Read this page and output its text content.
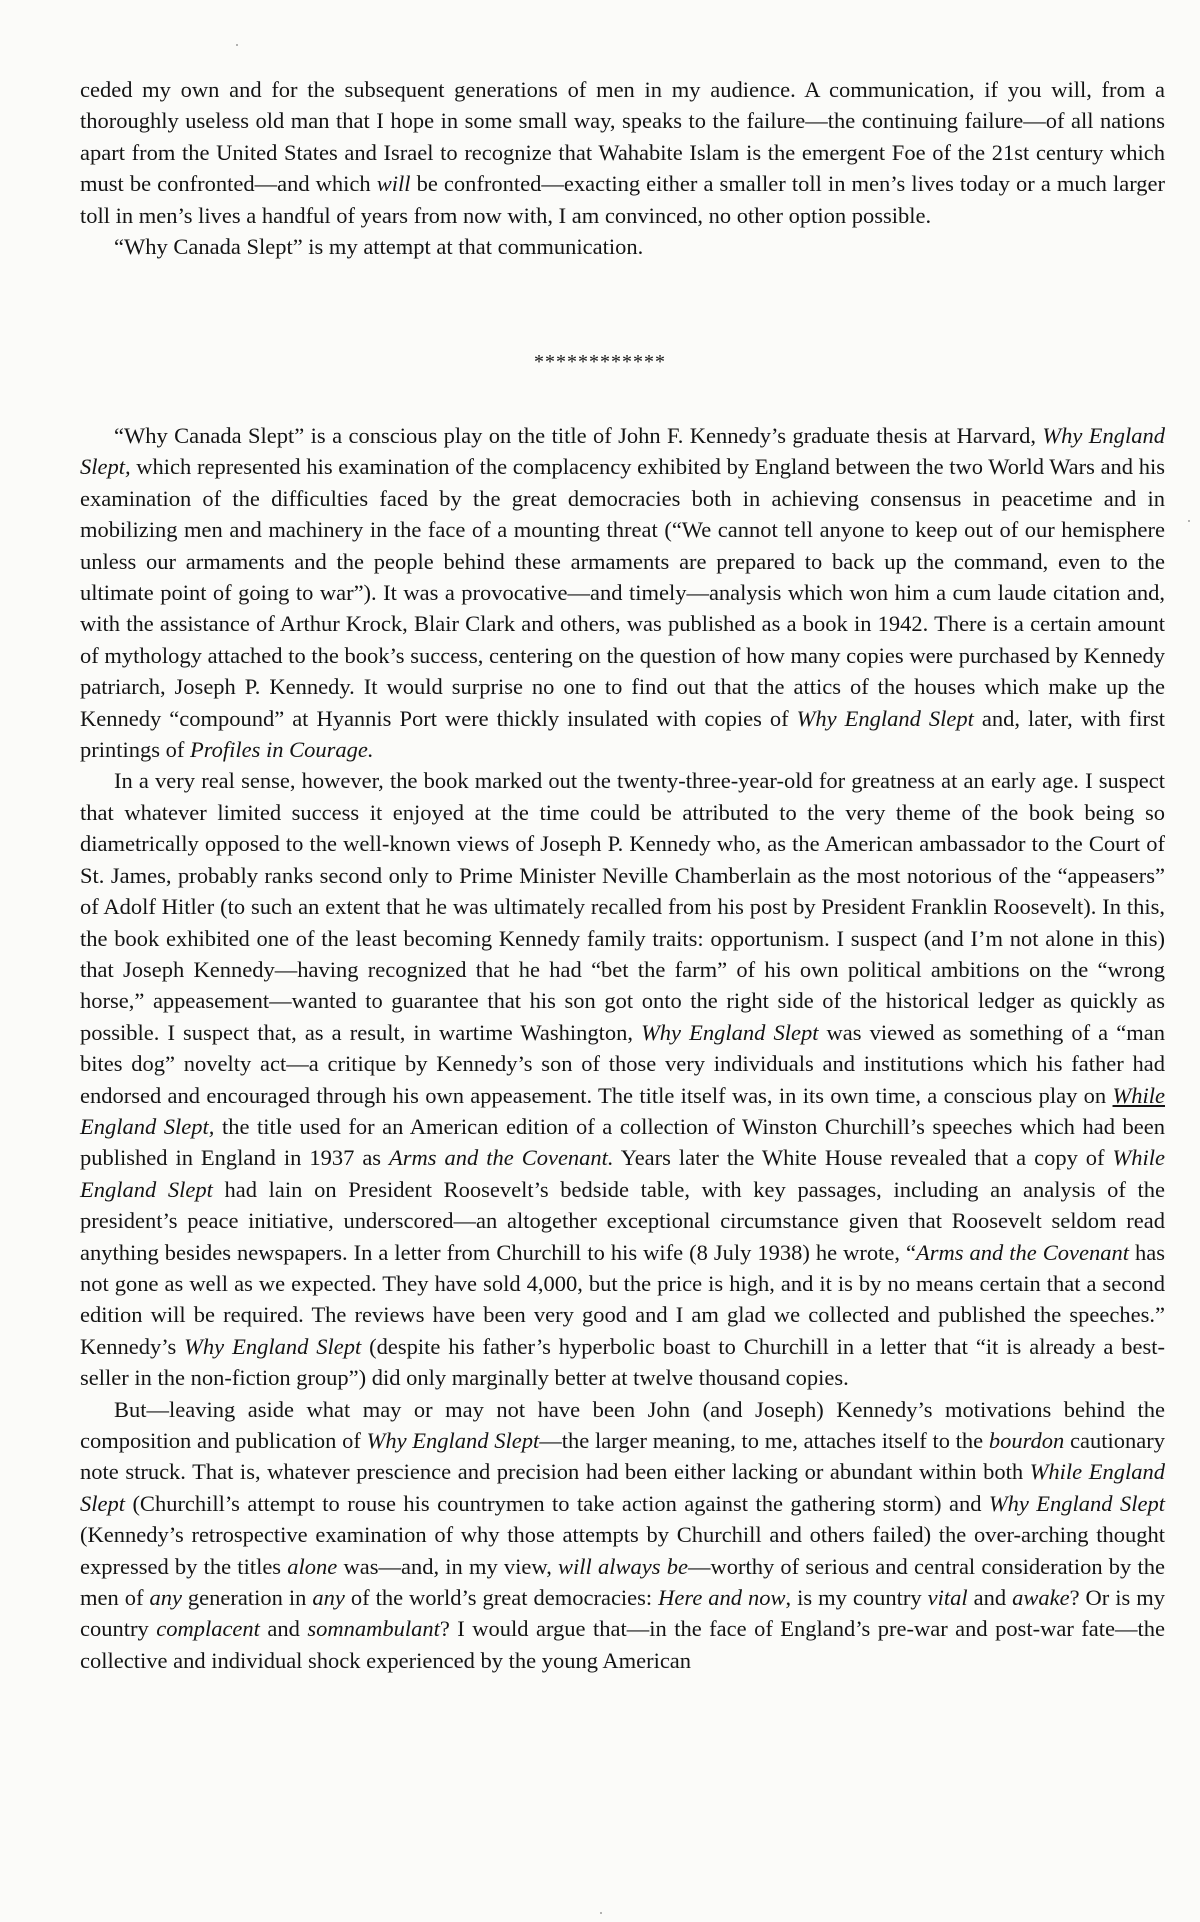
ceded my own and for the subsequent generations of men in my audience. A communication, if you will, from a thoroughly useless old man that I hope in some small way, speaks to the failure—the continuing failure—of all nations apart from the United States and Israel to recognize that Wahabite Islam is the emergent Foe of the 21st century which must be confronted—and which will be confronted—exacting either a smaller toll in men’s lives today or a much larger toll in men’s lives a handful of years from now with, I am convinced, no other option possible.

“Why Canada Slept” is my attempt at that communication.

************

“Why Canada Slept” is a conscious play on the title of John F. Kennedy’s graduate thesis at Harvard, Why England Slept, which represented his examination of the complacency exhibited by England between the two World Wars and his examination of the difficulties faced by the great democracies both in achieving consensus in peacetime and in mobilizing men and machinery in the face of a mounting threat (“We cannot tell anyone to keep out of our hemisphere unless our armaments and the people behind these armaments are prepared to back up the command, even to the ultimate point of going to war”). It was a provocative—and timely—analysis which won him a cum laude citation and, with the assistance of Arthur Krock, Blair Clark and others, was published as a book in 1942. There is a certain amount of mythology attached to the book’s success, centering on the question of how many copies were purchased by Kennedy patriarch, Joseph P. Kennedy. It would surprise no one to find out that the attics of the houses which make up the Kennedy “compound” at Hyannis Port were thickly insulated with copies of Why England Slept and, later, with first printings of Profiles in Courage.

In a very real sense, however, the book marked out the twenty-three-year-old for greatness at an early age. I suspect that whatever limited success it enjoyed at the time could be attributed to the very theme of the book being so diametrically opposed to the well-known views of Joseph P. Kennedy who, as the American ambassador to the Court of St. James, probably ranks second only to Prime Minister Neville Chamberlain as the most notorious of the “appeasers” of Adolf Hitler (to such an extent that he was ultimately recalled from his post by President Franklin Roosevelt). In this, the book exhibited one of the least becoming Kennedy family traits: opportunism. I suspect (and I’m not alone in this) that Joseph Kennedy—having recognized that he had “bet the farm” of his own political ambitions on the “wrong horse,” appeasement—wanted to guarantee that his son got onto the right side of the historical ledger as quickly as possible. I suspect that, as a result, in wartime Washington, Why England Slept was viewed as something of a “man bites dog” novelty act—a critique by Kennedy’s son of those very individuals and institutions which his father had endorsed and encouraged through his own appeasement. The title itself was, in its own time, a conscious play on While England Slept, the title used for an American edition of a collection of Winston Churchill’s speeches which had been published in England in 1937 as Arms and the Covenant. Years later the White House revealed that a copy of While England Slept had lain on President Roosevelt’s bedside table, with key passages, including an analysis of the president’s peace initiative, underscored—an altogether exceptional circumstance given that Roosevelt seldom read anything besides newspapers. In a letter from Churchill to his wife (8 July 1938) he wrote, “Arms and the Covenant has not gone as well as we expected. They have sold 4,000, but the price is high, and it is by no means certain that a second edition will be required. The reviews have been very good and I am glad we collected and published the speeches.” Kennedy’s Why England Slept (despite his father’s hyperbolic boast to Churchill in a letter that “it is already a best-seller in the non-fiction group”) did only marginally better at twelve thousand copies.

But—leaving aside what may or may not have been John (and Joseph) Kennedy’s motivations behind the composition and publication of Why England Slept—the larger meaning, to me, attaches itself to the bourdon cautionary note struck. That is, whatever prescience and precision had been either lacking or abundant within both While England Slept (Churchill’s attempt to rouse his countrymen to take action against the gathering storm) and Why England Slept (Kennedy’s retrospective examination of why those attempts by Churchill and others failed) the over-arching thought expressed by the titles alone was—and, in my view, will always be—worthy of serious and central consideration by the men of any generation in any of the world’s great democracies: Here and now, is my country vital and awake? Or is my country complacent and somnambulant? I would argue that—in the face of England’s pre-war and post-war fate—the collective and individual shock experienced by the young American
